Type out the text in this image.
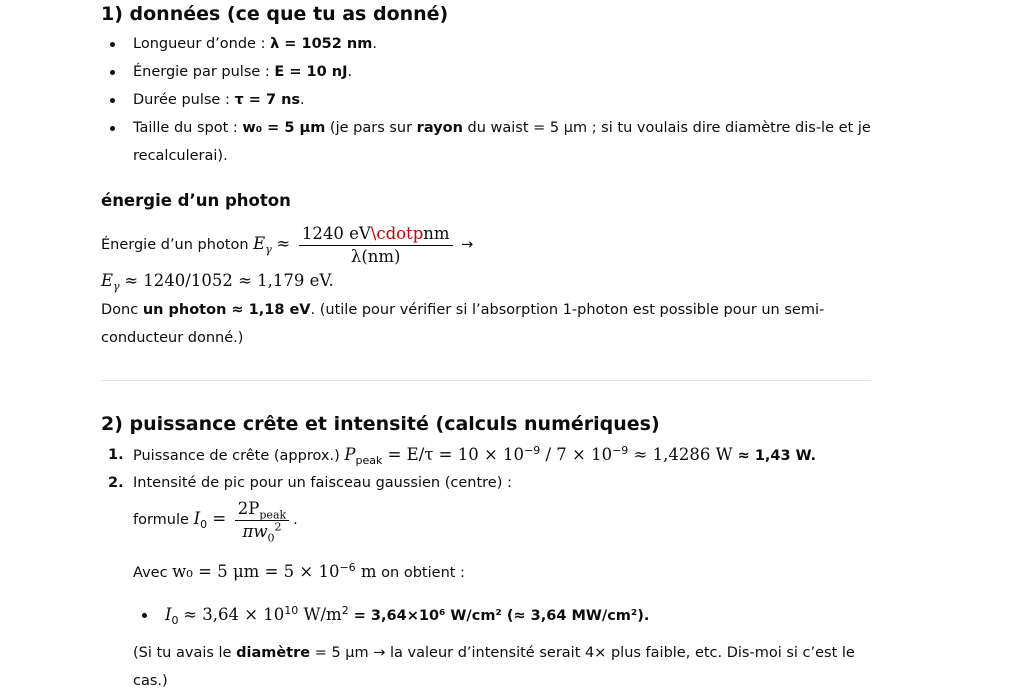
1) données (ce que tu as donné)
Longueur d’onde : λ = 1052 nm.
Énergie par pulse : E = 10 nJ.
Durée pulse : τ = 7 ns.
Taille du spot : w₀ = 5 µm (je pars sur rayon du waist = 5 µm ; si tu voulais dire diamètre dis-le et je recalculerai).
énergie d’un photon
Énergie d’un photon $E_\gamma \approx \frac{\text{1240 eV\textbackslash{}cdotpnm}}{\lambda(nm)}$ →
$E_\gamma \approx 1240/1052 \approx 1,179$ eV.
Donc un photon ≈ 1,18 eV. (utile pour vérifier si l’absorption 1-photon est possible pour un semi-conducteur donné.)
2) puissance crête et intensité (calculs numériques)
1. Puissance de crête (approx.) $P_{peak} = E/\tau = 10 \times 10^{-9} / 7 \times 10^{-9} \approx 1,4286$ W ≈ 1,43 W.
2. Intensité de pic pour un faisceau gaussien (centre) :
formule $I_0 = \frac{2P_{peak}}{\pi w_0^2}$ .
Avec w₀ = 5 $\mu m = 5 \times 10^{-6}$ m on obtient :
$I_0 \approx 3,64 \times 10^{10}$ $W/m^2 = 3,64\times 10^6$ W/cm² (≈ 3,64 MW/cm²).
(Si tu avais le diamètre = 5 µm → la valeur d’intensité serait 4× plus faible, etc. Dis-moi si c’est le cas.)
